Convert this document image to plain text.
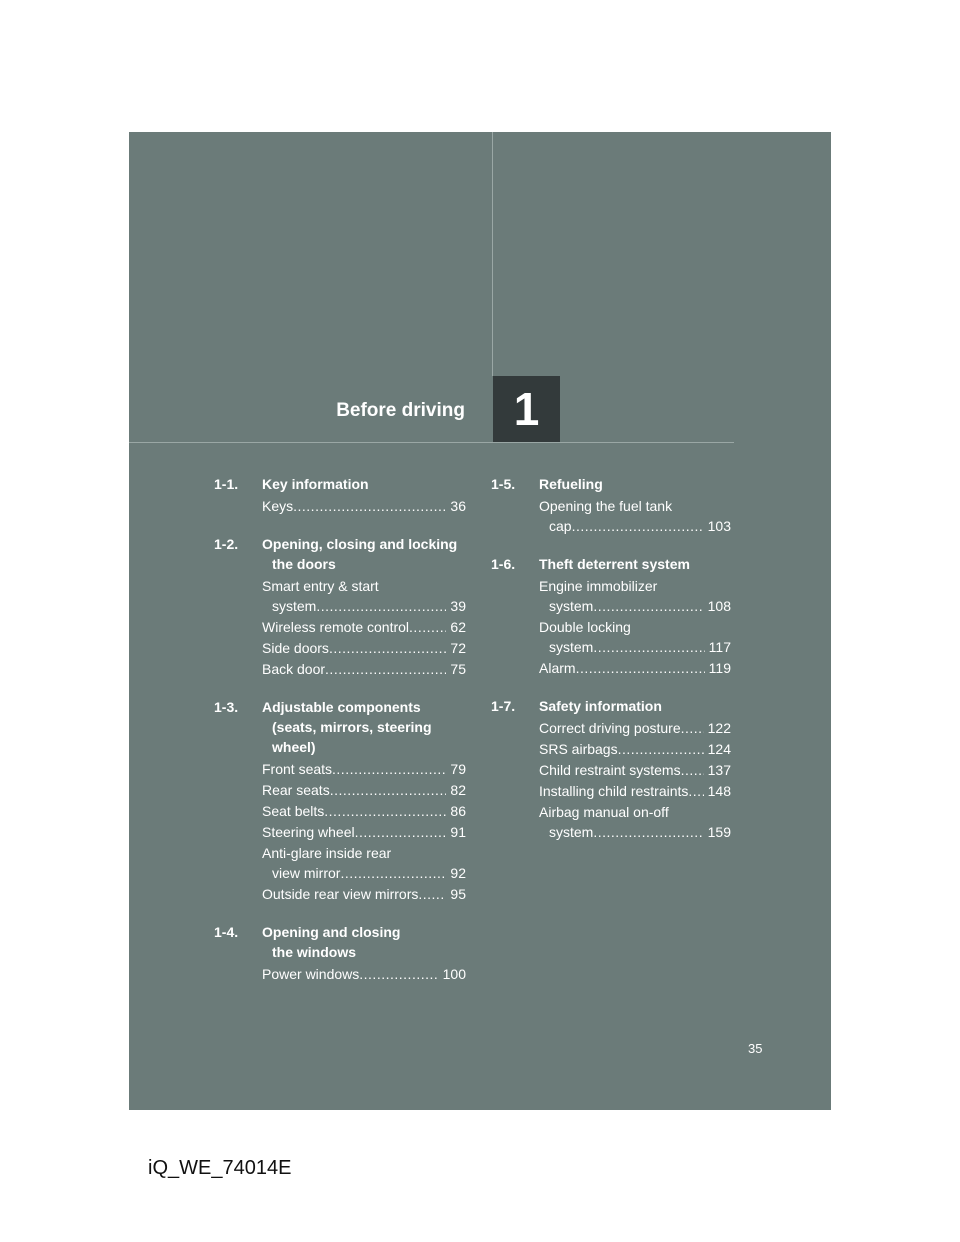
Before driving 1
1-1.	Key information
Keys
.....	36
1-2.	Opening, closing and locking
the doors
Smart entry & start
system
.....	39
Wireless remote control
.....	62
Side doors
.....	72
Back door
.....	75
1-3.	Adjustable components
(seats, mirrors, steering
wheel)
Front seats
.....	79
Rear seats
.....	82
Seat belts
.....	86
Steering wheel
.....	91
Anti-glare inside rear
view mirror
.....	92
Outside rear view mirrors
..... 95
1-4.	Opening and closing
the windows
Power windows
.....	100
1-5.	Refueling
Opening the fuel tank
cap
.....	103
1-6.	Theft deterrent system
Engine immobilizer
system
.....	108
Double locking
system
.....	117
Alarm
.....	119
1-7.	Safety information
Correct driving posture
..... 122
SRS airbags
.....	124
Child restraint systems
..... 137
Installing child restraints
..... 148
Airbag manual on-off
system
.....	159
35
iQ_WE_74014E
